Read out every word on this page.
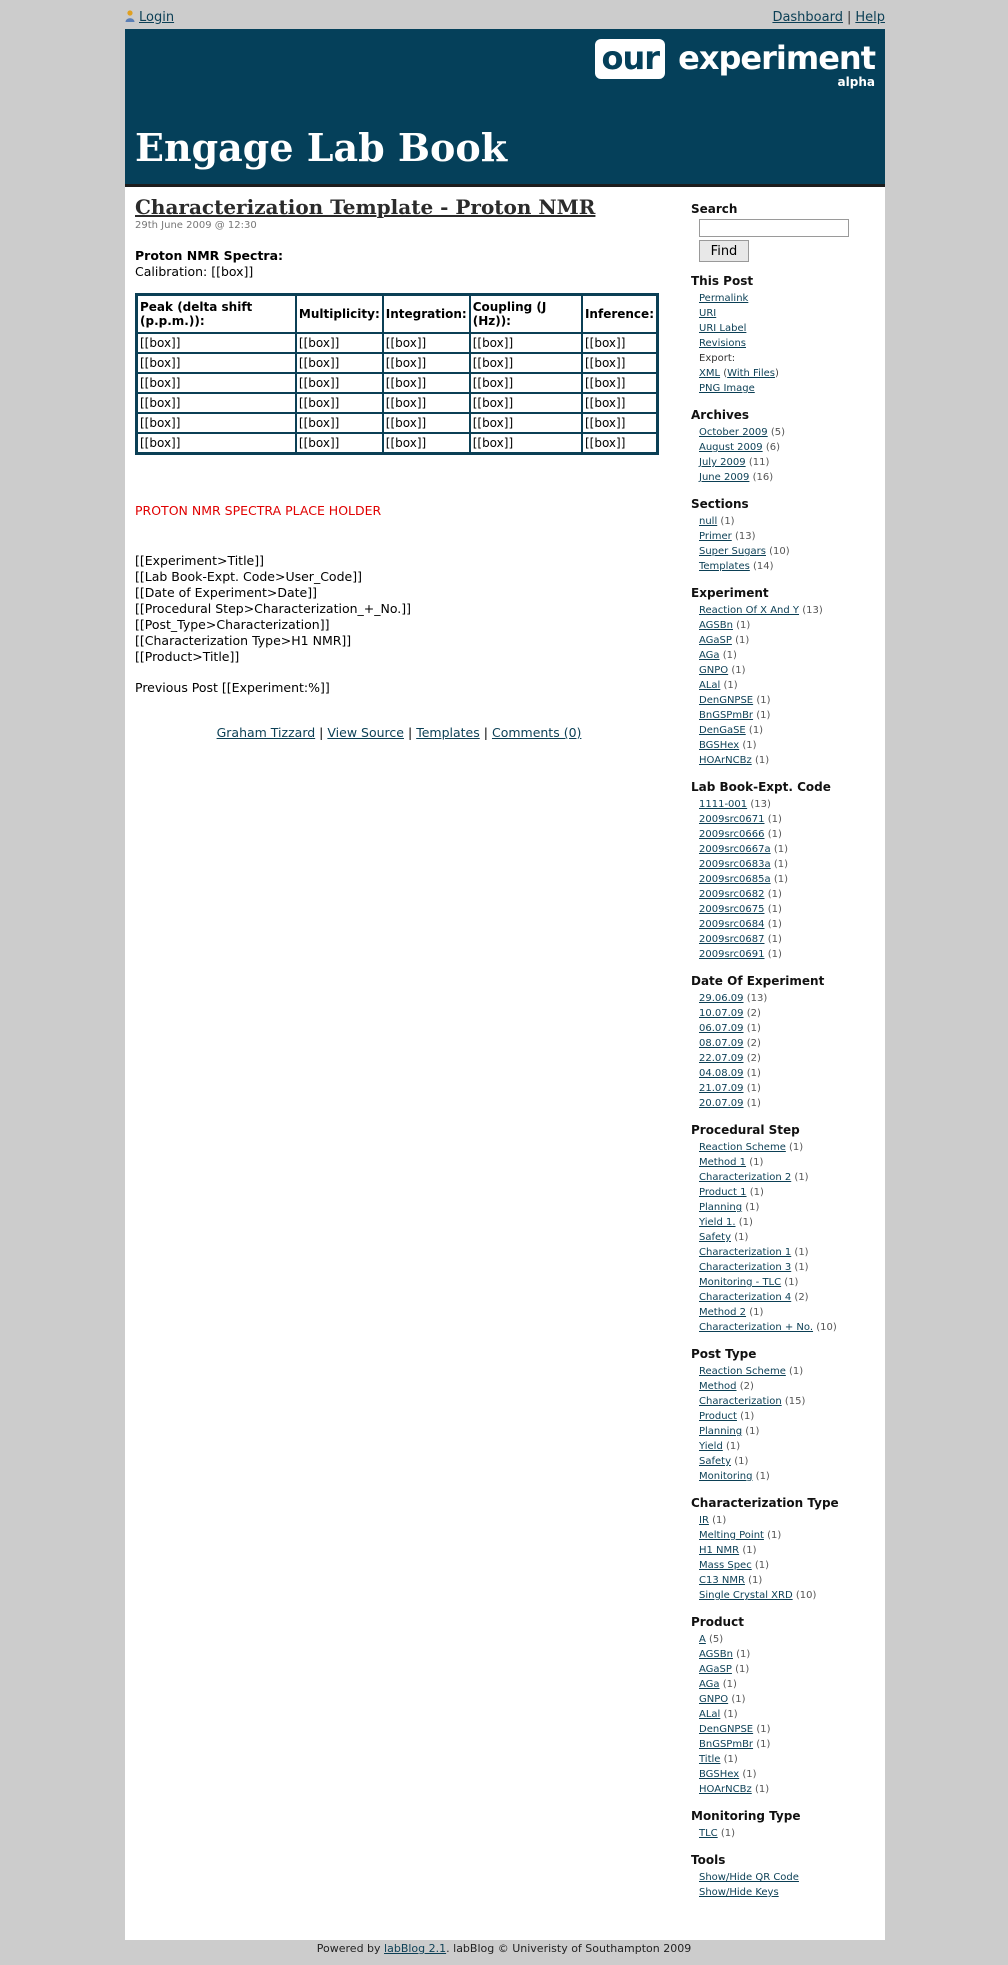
Login	Dashboard | Help
our experiment
alpha
Engage Lab Book
Characterization Template - Proton NMR
29th June 2009 @ 12:30
Proton NMR Spectra:
Calibration: [[box]]
Peak (delta shift (p.p.m.)):	Multiplicity:	Integration:	Coupling (J (Hz)):	Inference:
[[box]]	[[box]]	[[box]]	[[box]]	[[box]]
[[box]]	[[box]]	[[box]]	[[box]]	[[box]]
[[box]]	[[box]]	[[box]]	[[box]]	[[box]]
[[box]]	[[box]]	[[box]]	[[box]]	[[box]]
[[box]]	[[box]]	[[box]]	[[box]]	[[box]]
[[box]]	[[box]]	[[box]]	[[box]]	[[box]]
PROTON NMR SPECTRA PLACE HOLDER
[[Experiment>Title]]
[[Lab Book-Expt. Code>User_Code]]
[[Date of Experiment>Date]]
[[Procedural Step>Characterization_+_No.]]
[[Post_Type>Characterization]]
[[Characterization Type>H1 NMR]]
[[Product>Title]]
Previous Post [[Experiment:%]]
Graham Tizzard | View Source | Templates | Comments (0)
Search
Find
This Post
Permalink
URI
URI Label
Revisions
Export:
XML (With Files)
PNG Image
Archives
October 2009 (5)
August 2009 (6)
July 2009 (11)
June 2009 (16)
Sections
null (1)
Primer (13)
Super Sugars (10)
Templates (14)
Experiment
Reaction Of X And Y (13)
AGSBn (1)
AGaSP (1)
AGa (1)
GNPO (1)
ALal (1)
DenGNPSE (1)
BnGSPmBr (1)
DenGaSE (1)
BGSHex (1)
HOArNCBz (1)
Lab Book-Expt. Code
1111-001 (13)
2009src0671 (1)
2009src0666 (1)
2009src0667a (1)
2009src0683a (1)
2009src0685a (1)
2009src0682 (1)
2009src0675 (1)
2009src0684 (1)
2009src0687 (1)
2009src0691 (1)
Date Of Experiment
29.06.09 (13)
10.07.09 (2)
06.07.09 (1)
08.07.09 (2)
22.07.09 (2)
04.08.09 (1)
21.07.09 (1)
20.07.09 (1)
Procedural Step
Reaction Scheme (1)
Method 1 (1)
Characterization 2 (1)
Product 1 (1)
Planning (1)
Yield 1. (1)
Safety (1)
Characterization 1 (1)
Characterization 3 (1)
Monitoring - TLC (1)
Characterization 4 (2)
Method 2 (1)
Characterization + No. (10)
Post Type
Reaction Scheme (1)
Method (2)
Characterization (15)
Product (1)
Planning (1)
Yield (1)
Safety (1)
Monitoring (1)
Characterization Type
IR (1)
Melting Point (1)
H1 NMR (1)
Mass Spec (1)
C13 NMR (1)
Single Crystal XRD (10)
Product
A (5)
AGSBn (1)
AGaSP (1)
AGa (1)
GNPO (1)
ALal (1)
DenGNPSE (1)
BnGSPmBr (1)
Title (1)
BGSHex (1)
HOArNCBz (1)
Monitoring Type
TLC (1)
Tools
Show/Hide QR Code
Show/Hide Keys
Powered by labBlog 2.1. labBlog © Univeristy of Southampton 2009
